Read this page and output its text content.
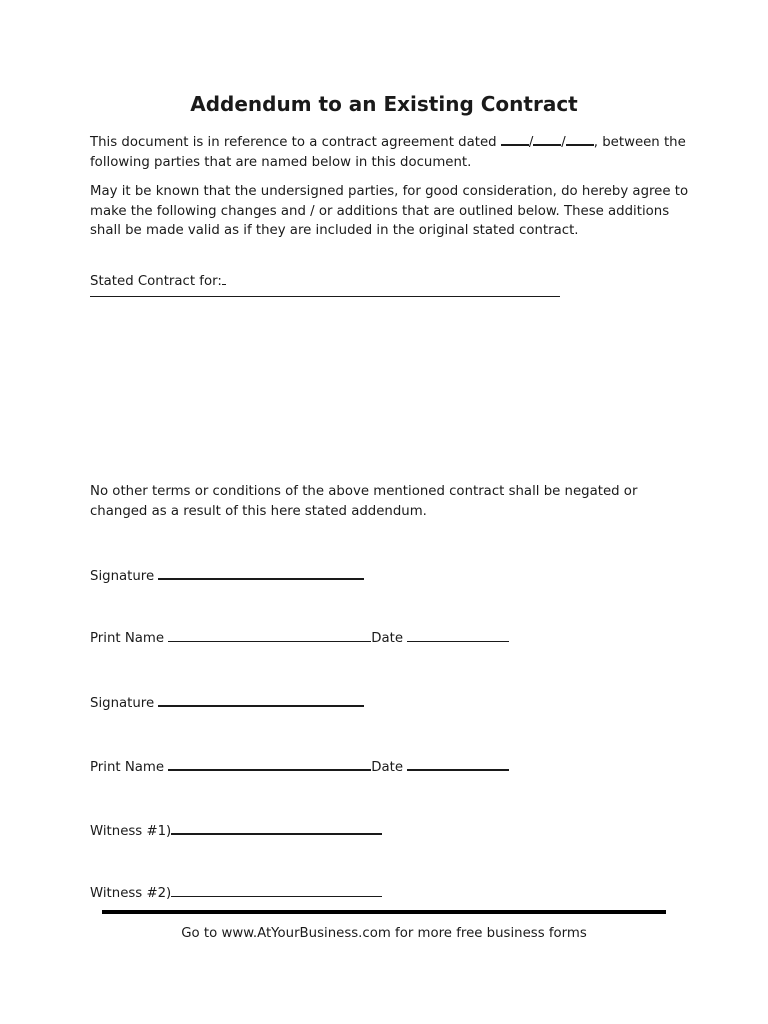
Addendum to an Existing Contract

This document is in reference to a contract agreement dated / / , between the following parties that are named below in this document.

May it be known that the undersigned parties, for good consideration, do hereby agree to make the following changes and / or additions that are outlined below. These additions shall be made valid as if they are included in the original stated contract.

Stated Contract for:

No other terms or conditions of the above mentioned contract shall be negated or changed as a result of this here stated addendum.

Signature
Print Name	Date
Signature
Print Name	Date
Witness #1)
Witness #2)
Go to www.AtYourBusiness.com for more free business forms
